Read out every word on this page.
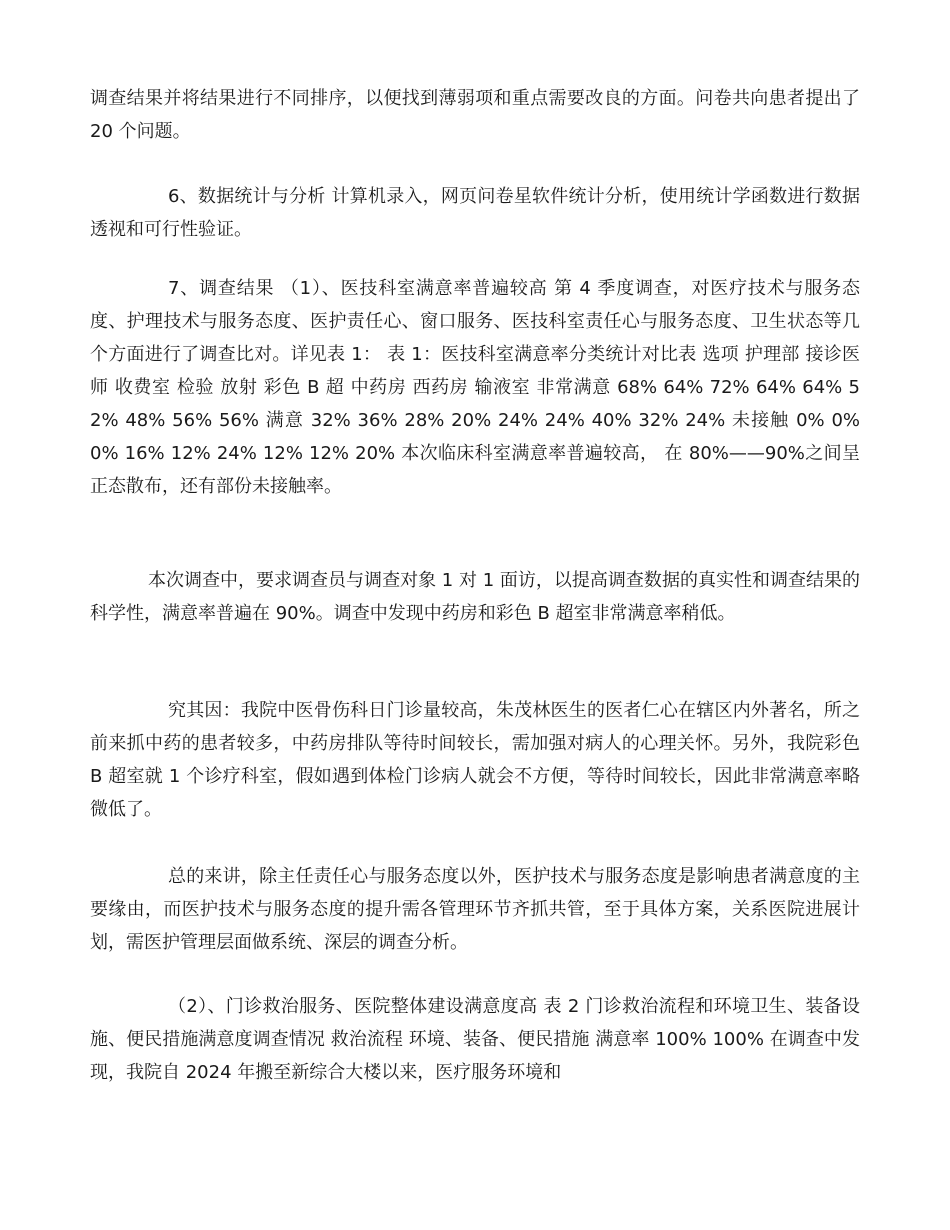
调查结果并将结果进行不同排序，以便找到薄弱项和重点需要改良的方面。问卷共向患者提出了 20 个问题。

6、数据统计与分析 计算机录入，网页问卷星软件统计分析，使用统计学函数进行数据透视和可行性验证。

7、调查结果 （1）、医技科室满意率普遍较高 第 4 季度调查，对医疗技术与服务态度、护理技术与服务态度、医护责任心、窗口服务、医技科室责任心与服务态度、卫生状态等几个方面进行了调查比对。详见表 1： 表 1：医技科室满意率分类统计对比表 选项 护理部 接诊医师 收费室 检验 放射 彩色 B 超 中药房 西药房 输液室 非常满意 68% 64% 72% 64% 64% 52% 48% 56% 56% 满意 32% 36% 28% 20% 24% 24% 40% 32% 24% 未接触 0% 0% 0% 16% 12% 24% 12% 12% 20% 本次临床科室满意率普遍较高， 在 80%——90%之间呈正态散布，还有部份未接触率。

本次调查中，要求调查员与调查对象 1 对 1 面访，以提高调查数据的真实性和调查结果的科学性，满意率普遍在 90%。调查中发现中药房和彩色 B 超室非常满意率稍低。

究其因：我院中医骨伤科日门诊量较高，朱茂林医生的医者仁心在辖区内外著名，所之前来抓中药的患者较多，中药房排队等待时间较长，需加强对病人的心理关怀。另外，我院彩色 B 超室就 1 个诊疗科室，假如遇到体检门诊病人就会不方便，等待时间较长，因此非常满意率略微低了。

总的来讲，除主任责任心与服务态度以外，医护技术与服务态度是影响患者满意度的主要缘由，而医护技术与服务态度的提升需各管理环节齐抓共管，至于具体方案，关系医院进展计划，需医护管理层面做系统、深层的调查分析。

（2）、门诊救治服务、医院整体建设满意度高 表 2 门诊救治流程和环境卫生、装备设施、便民措施满意度调查情况 救治流程 环境、装备、便民措施 满意率 100% 100% 在调查中发现，我院自 2024 年搬至新综合大楼以来，医疗服务环境和
